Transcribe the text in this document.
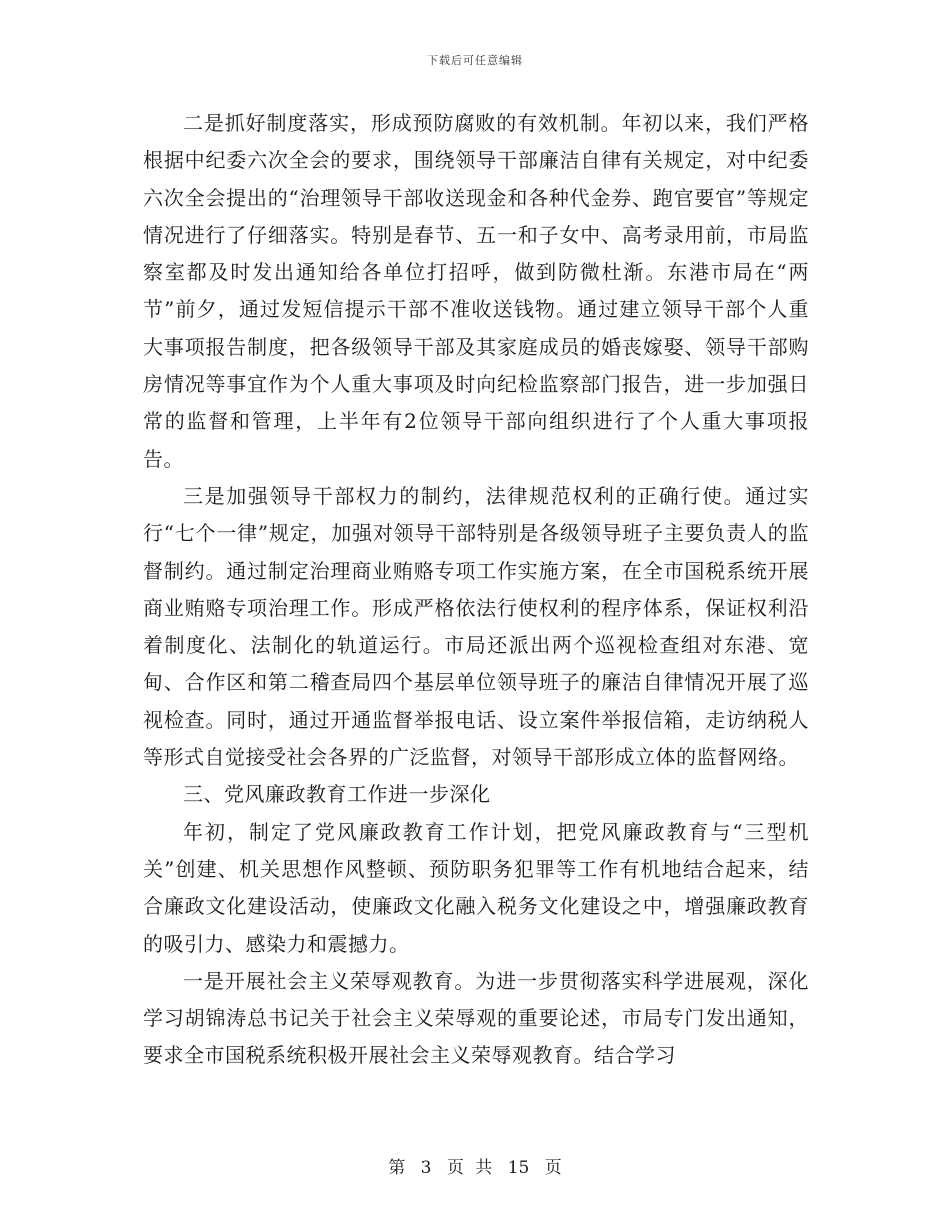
下载后可任意编辑

二是抓好制度落实，形成预防腐败的有效机制。年初以来，我们严格根据中纪委六次全会的要求，围绕领导干部廉洁自律有关规定，对中纪委六次全会提出的“治理领导干部收送现金和各种代金券、跑官要官”等规定情况进行了仔细落实。特别是春节、五一和子女中、高考录用前，市局监察室都及时发出通知给各单位打招呼，做到防微杜渐。东港市局在“两节”前夕，通过发短信提示干部不准收送钱物。通过建立领导干部个人重大事项报告制度，把各级领导干部及其家庭成员的婚丧嫁娶、领导干部购房情况等事宜作为个人重大事项及时向纪检监察部门报告，进一步加强日常的监督和管理，上半年有2位领导干部向组织进行了个人重大事项报告。

三是加强领导干部权力的制约，法律规范权利的正确行使。通过实行“七个一律”规定，加强对领导干部特别是各级领导班子主要负责人的监督制约。通过制定治理商业贿赂专项工作实施方案，在全市国税系统开展商业贿赂专项治理工作。形成严格依法行使权利的程序体系，保证权利沿着制度化、法制化的轨道运行。市局还派出两个巡视检查组对东港、宽甸、合作区和第二稽查局四个基层单位领导班子的廉洁自律情况开展了巡视检查。同时，通过开通监督举报电话、设立案件举报信箱，走访纳税人等形式自觉接受社会各界的广泛监督，对领导干部形成立体的监督网络。

三、党风廉政教育工作进一步深化

年初，制定了党风廉政教育工作计划，把党风廉政教育与“三型机关”创建、机关思想作风整顿、预防职务犯罪等工作有机地结合起来，结合廉政文化建设活动，使廉政文化融入税务文化建设之中，增强廉政教育的吸引力、感染力和震撼力。

一是开展社会主义荣辱观教育。为进一步贯彻落实科学进展观，深化学习胡锦涛总书记关于社会主义荣辱观的重要论述，市局专门发出通知，要求全市国税系统积极开展社会主义荣辱观教育。结合学习

第 3 页 共 15 页
